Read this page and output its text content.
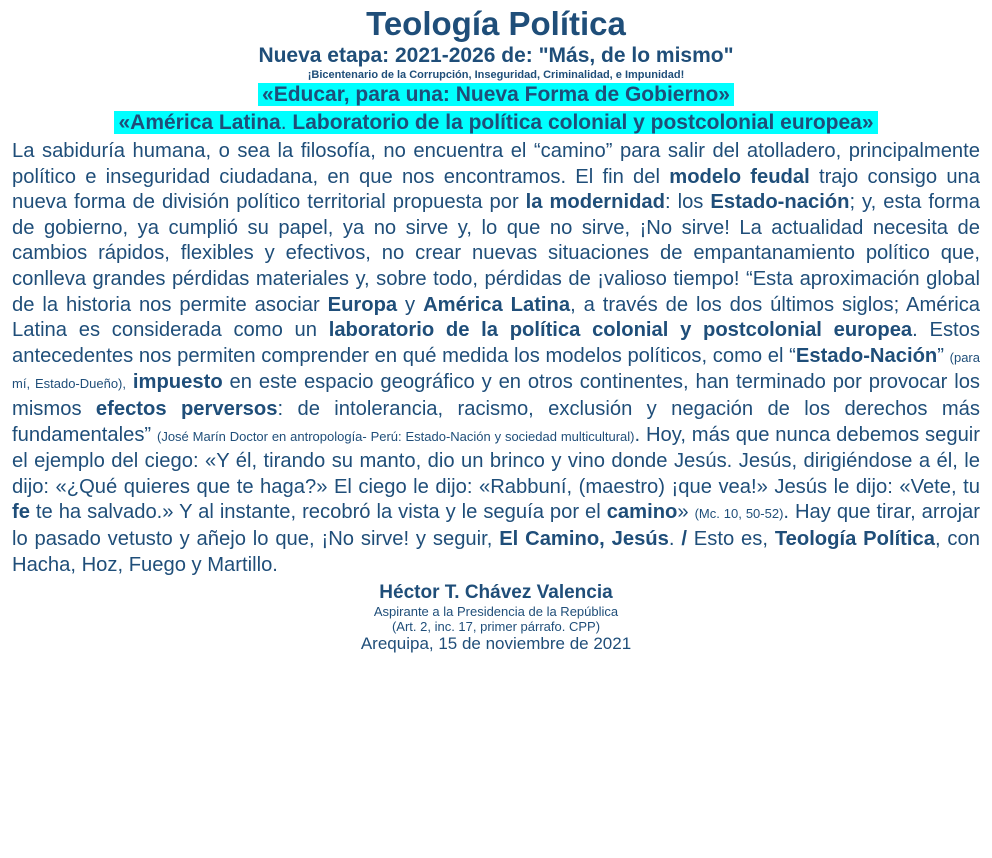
Teología Política

Nueva etapa: 2021-2026 de: "Más, de lo mismo"

¡Bicentenario de la Corrupción, Inseguridad, Criminalidad, e Impunidad!

«Educar, para una: Nueva Forma de Gobierno»

«América Latina. Laboratorio de la política colonial y postcolonial europea»

La sabiduría humana, o sea la filosofía, no encuentra el “camino” para salir del atolladero, principalmente político e inseguridad ciudadana, en que nos encontramos. El fin del modelo feudal trajo consigo una nueva forma de división político territorial propuesta por la modernidad: los Estado-nación; y, esta forma de gobierno, ya cumplió su papel, ya no sirve y, lo que no sirve, ¡No sirve! La actualidad necesita de cambios rápidos, flexibles y efectivos, no crear nuevas situaciones de empantanamiento político que, conlleva grandes pérdidas materiales y, sobre todo, pérdidas de ¡valioso tiempo! “Esta aproximación global de la historia nos permite asociar Europa y América Latina, a través de los dos últimos siglos; América Latina es considerada como un laboratorio de la política colonial y postcolonial europea. Estos antecedentes nos permiten comprender en qué medida los modelos políticos, como el “Estado-Nación” (para mí, Estado-Dueño), impuesto en este espacio geográfico y en otros continentes, han terminado por provocar los mismos efectos perversos: de intolerancia, racismo, exclusión y negación de los derechos más fundamentales” (José Marín Doctor en antropología- Perú: Estado-Nación y sociedad multicultural). Hoy, más que nunca debemos seguir el ejemplo del ciego: «Y él, tirando su manto, dio un brinco y vino donde Jesús. Jesús, dirigiéndose a él, le dijo: «¿Qué quieres que te haga?» El ciego le dijo: «Rabbuní, (maestro) ¡que vea!» Jesús le dijo: «Vete, tu fe te ha salvado.» Y al instante, recobró la vista y le seguía por el camino» (Mc. 10, 50-52). Hay que tirar, arrojar lo pasado vetusto y añejo lo que, ¡No sirve! y seguir, El Camino, Jesús. / Esto es, Teología Política, con Hacha, Hoz, Fuego y Martillo.

Héctor T. Chávez Valencia

Aspirante a la Presidencia de la República

(Art. 2, inc. 17, primer párrafo. CPP)

Arequipa, 15 de noviembre de 2021
